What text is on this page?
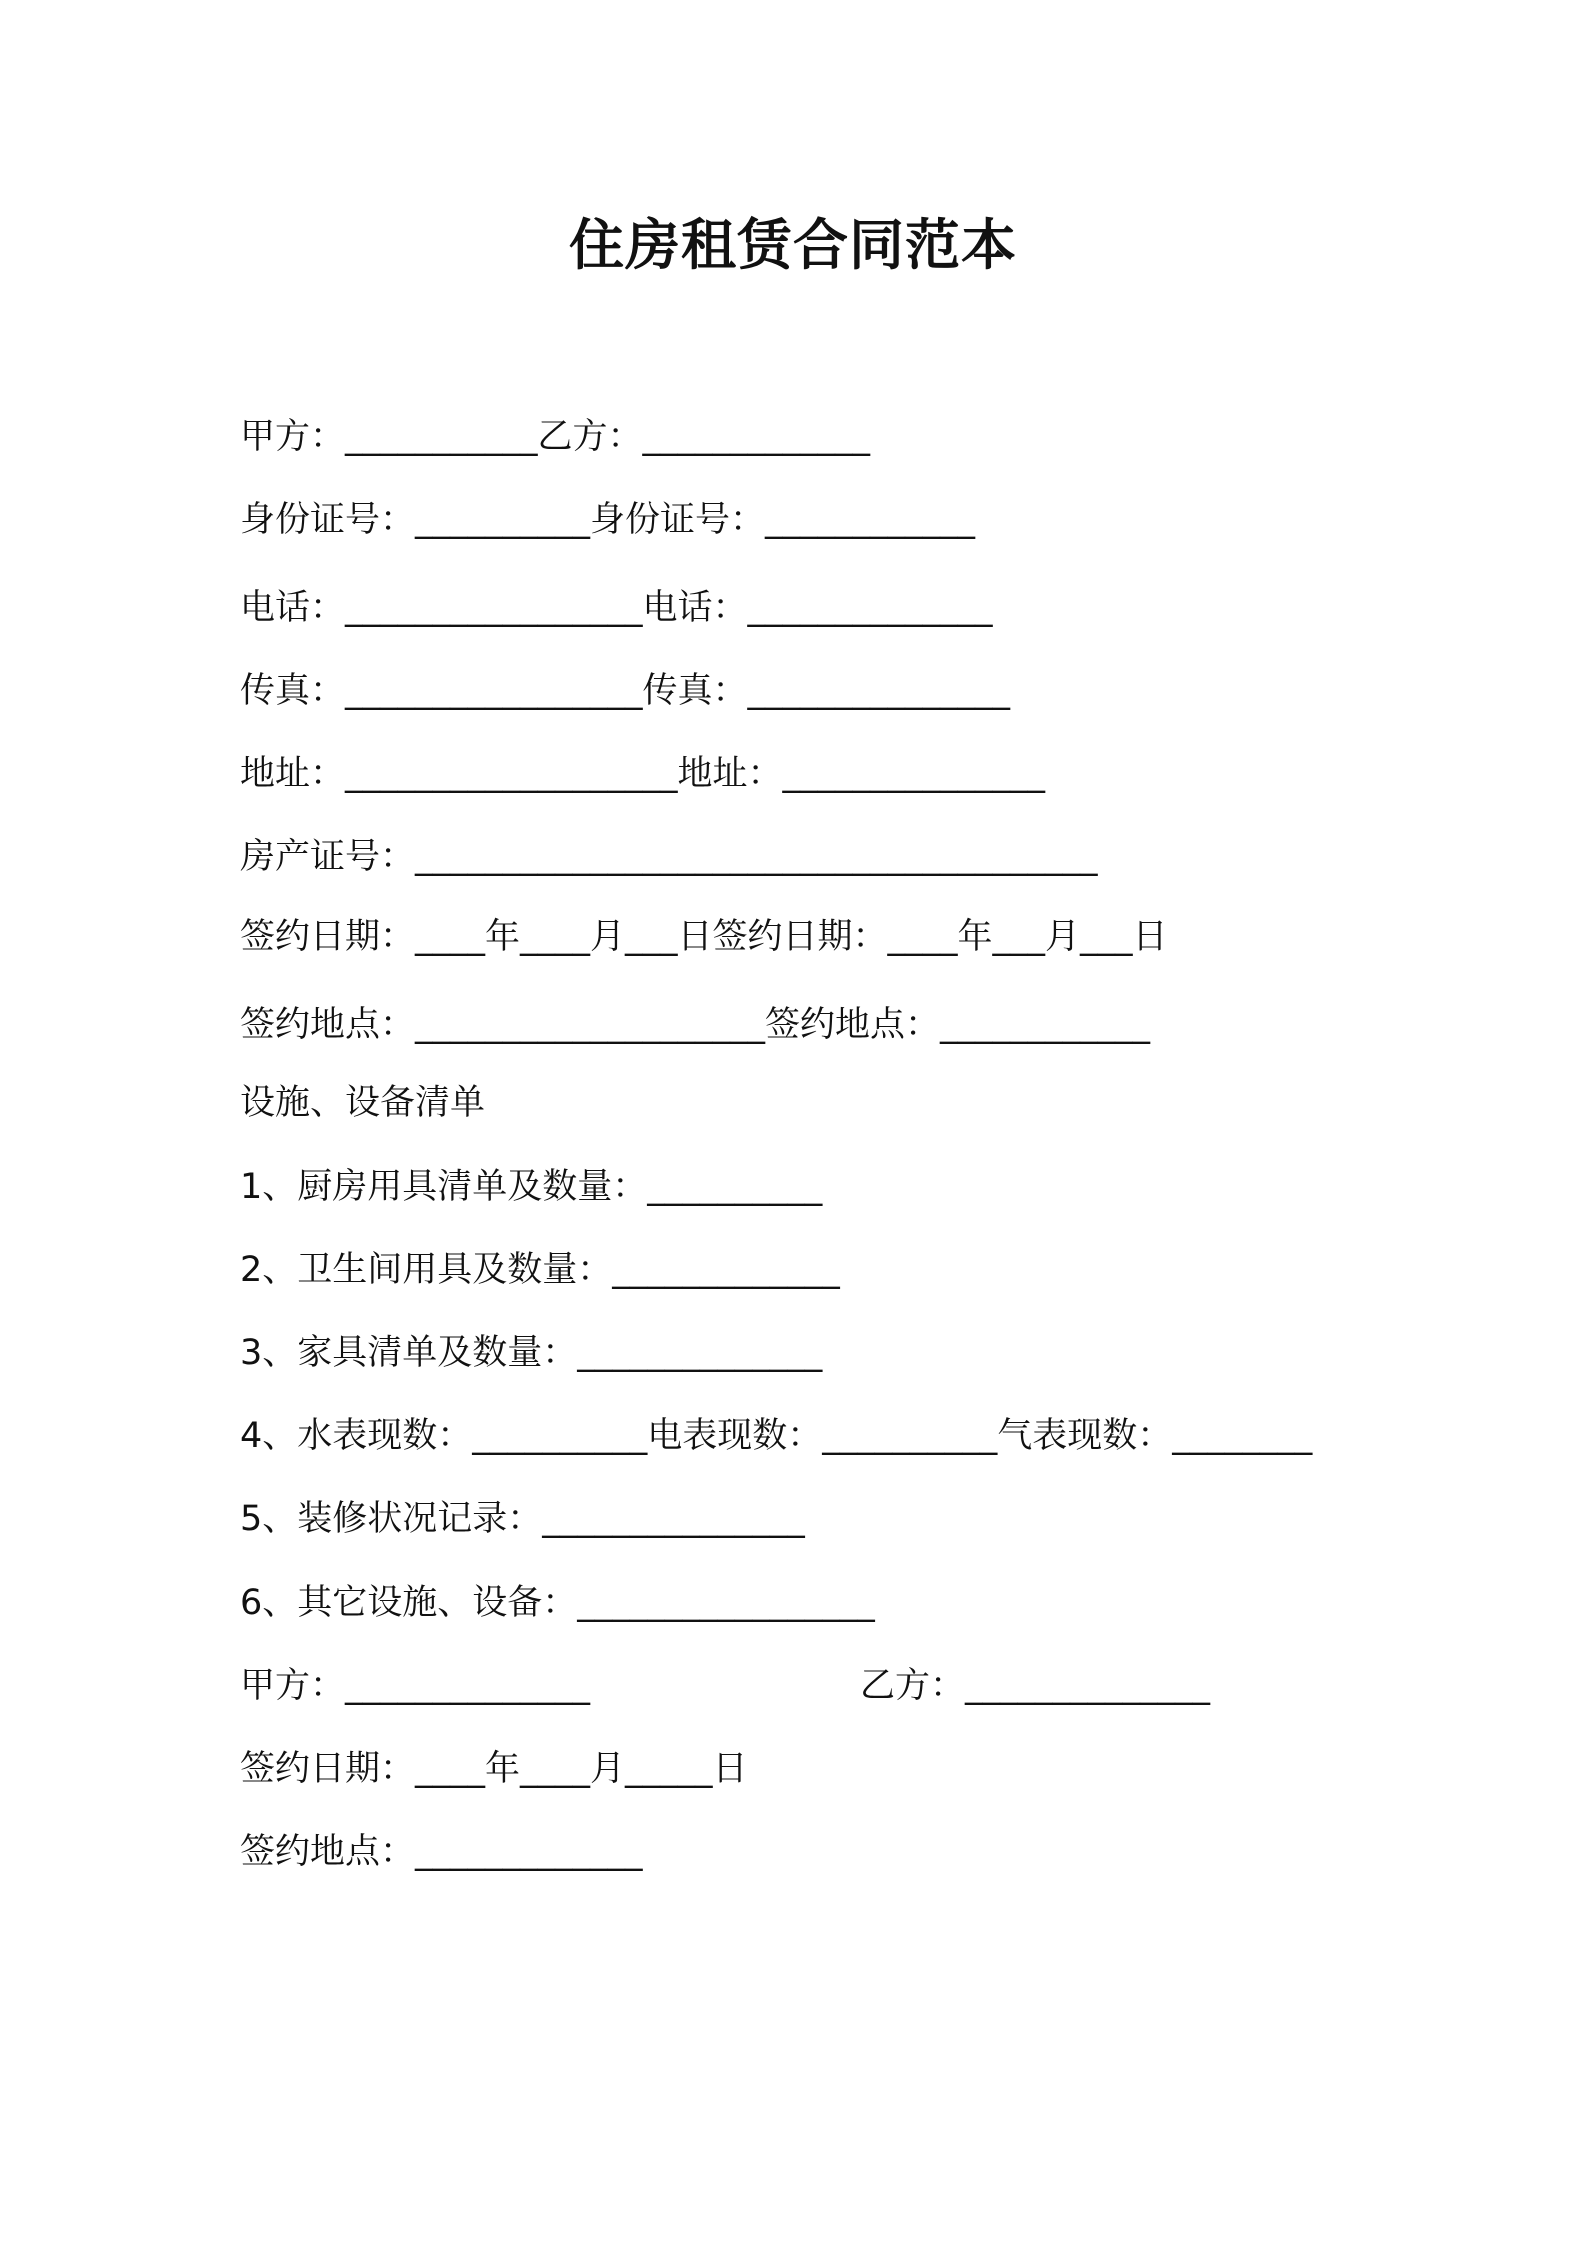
住房租赁合同范本
甲方：___________乙方：_____________
身份证号：__________身份证号：____________
电话：_________________电话：______________
传真：_________________传真：_______________
地址：___________________地址：_______________
房产证号：_______________________________________
签约日期：____年____月___日签约日期：____年___月___日
签约地点：____________________签约地点：____________
设施、设备清单
1、厨房用具清单及数量：__________
2、卫生间用具及数量：_____________
3、家具清单及数量：______________
4、水表现数：__________电表现数：__________气表现数：________
5、装修状况记录：_______________
6、其它设施、设备：_________________
甲方：______________	乙方：______________
签约日期：____年____月_____日
签约地点：_____________
